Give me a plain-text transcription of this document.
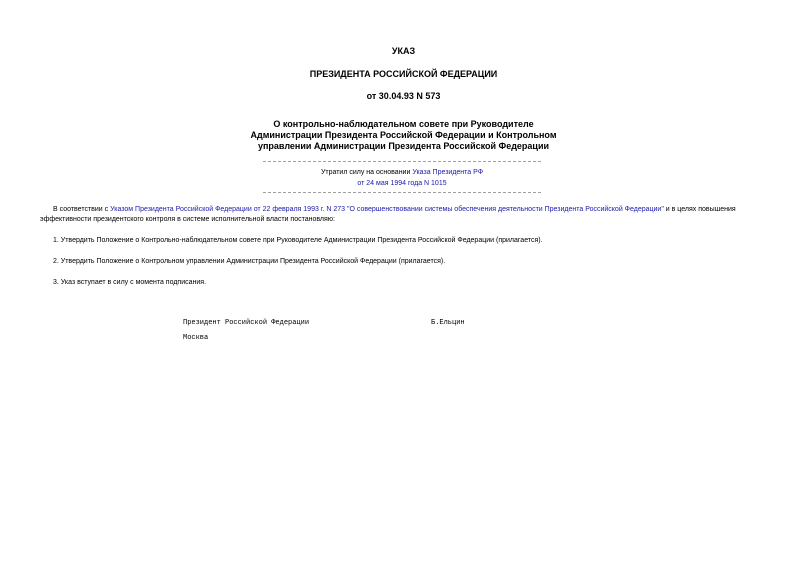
УКАЗ
ПРЕЗИДЕНТА РОССИЙСКОЙ ФЕДЕРАЦИИ
от 30.04.93 N 573
О контрольно-наблюдательном совете при Руководителе
Администрации Президента Российской Федерации и Контрольном
управлении Администрации Президента Российской Федерации
Утратил силу на основании Указа Президента РФ
от 24 мая 1994 года N 1015
В соответствии с Указом Президента Российской Федерации от 22 февраля 1993 г. N 273 "О совершенствовании системы обеспечения деятельности Президента Российской Федерации" и в целях повышения эффективности президентского контроля в системе исполнительной власти постановляю:
1. Утвердить Положение о Контрольно-наблюдательном совете при Руководителе Администрации Президента Российской Федерации (прилагается).
2. Утвердить Положение о Контрольном управлении Администрации Президента Российской Федерации (прилагается).
3. Указ вступает в силу с момента подписания.
Президент Российской Федерации	Б.Ельцин
Москва
